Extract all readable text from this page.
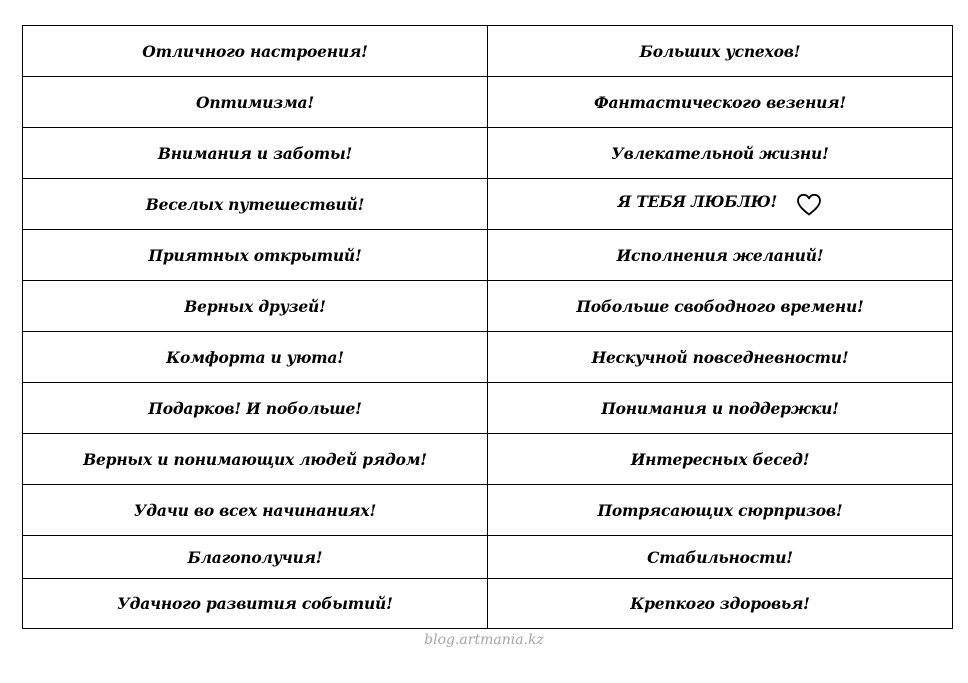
Отличного настроения!	Больших успехов!
Оптимизма!	Фантастического везения!
Внимания и заботы!	Увлекательной жизни!
Веселых путешествий!	Я ТЕБЯ ЛЮБЛЮ!
Приятных открытий!	Исполнения желаний!
Верных друзей!	Побольше свободного времени!
Комфорта и уюта!	Нескучной повседневности!
Подарков! И побольше!	Понимания и поддержки!
Верных и понимающих людей рядом!	Интересных бесед!
Удачи во всех начинаниях!	Потрясающих сюрпризов!
Благополучия!	Стабильности!
Удачного развития событий!	Крепкого здоровья!
blog.artmania.kz
